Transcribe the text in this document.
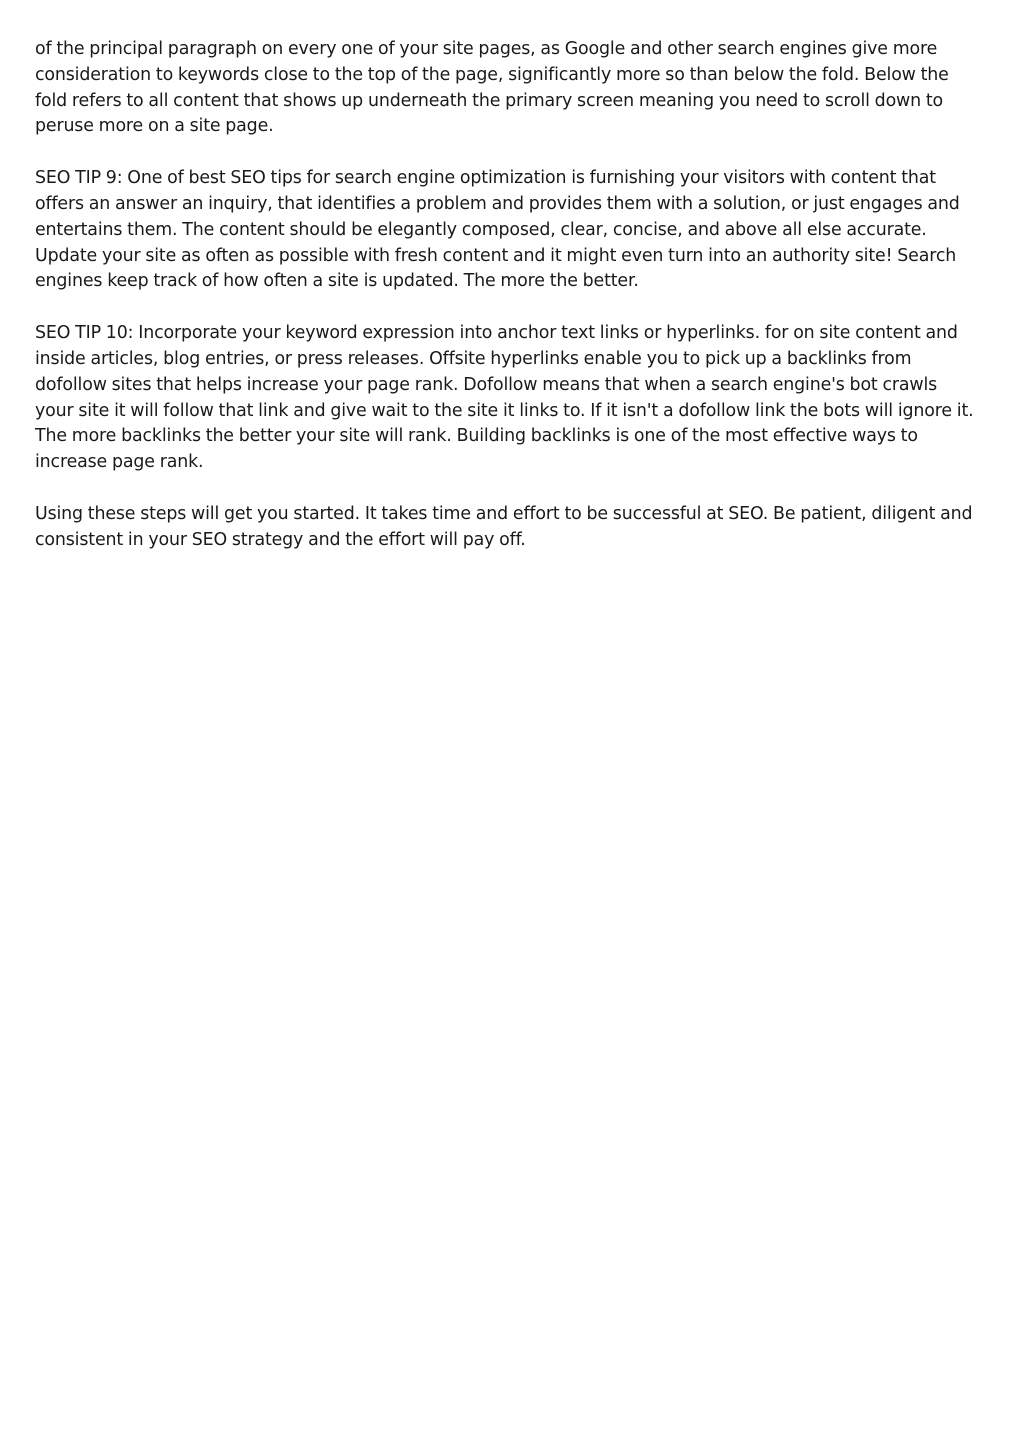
of the principal paragraph on every one of your site pages, as Google and other search engines give more consideration to keywords close to the top of the page, significantly more so than below the fold. Below the fold refers to all content that shows up underneath the primary screen meaning you need to scroll down to peruse more on a site page.

SEO TIP 9: One of best SEO tips for search engine optimization is furnishing your visitors with content that offers an answer an inquiry, that identifies a problem and provides them with a solution, or just engages and entertains them. The content should be elegantly composed, clear, concise, and above all else accurate. Update your site as often as possible with fresh content and it might even turn into an authority site! Search engines keep track of how often a site is updated. The more the better.

SEO TIP 10: Incorporate your keyword expression into anchor text links or hyperlinks. for on site content and inside articles, blog entries, or press releases. Offsite hyperlinks enable you to pick up a backlinks from dofollow sites that helps increase your page rank. Dofollow means that when a search engine's bot crawls your site it will follow that link and give wait to the site it links to. If it isn't a dofollow link the bots will ignore it. The more backlinks the better your site will rank. Building backlinks is one of the most effective ways to increase page rank.

Using these steps will get you started. It takes time and effort to be successful at SEO. Be patient, diligent and consistent in your SEO strategy and the effort will pay off.
